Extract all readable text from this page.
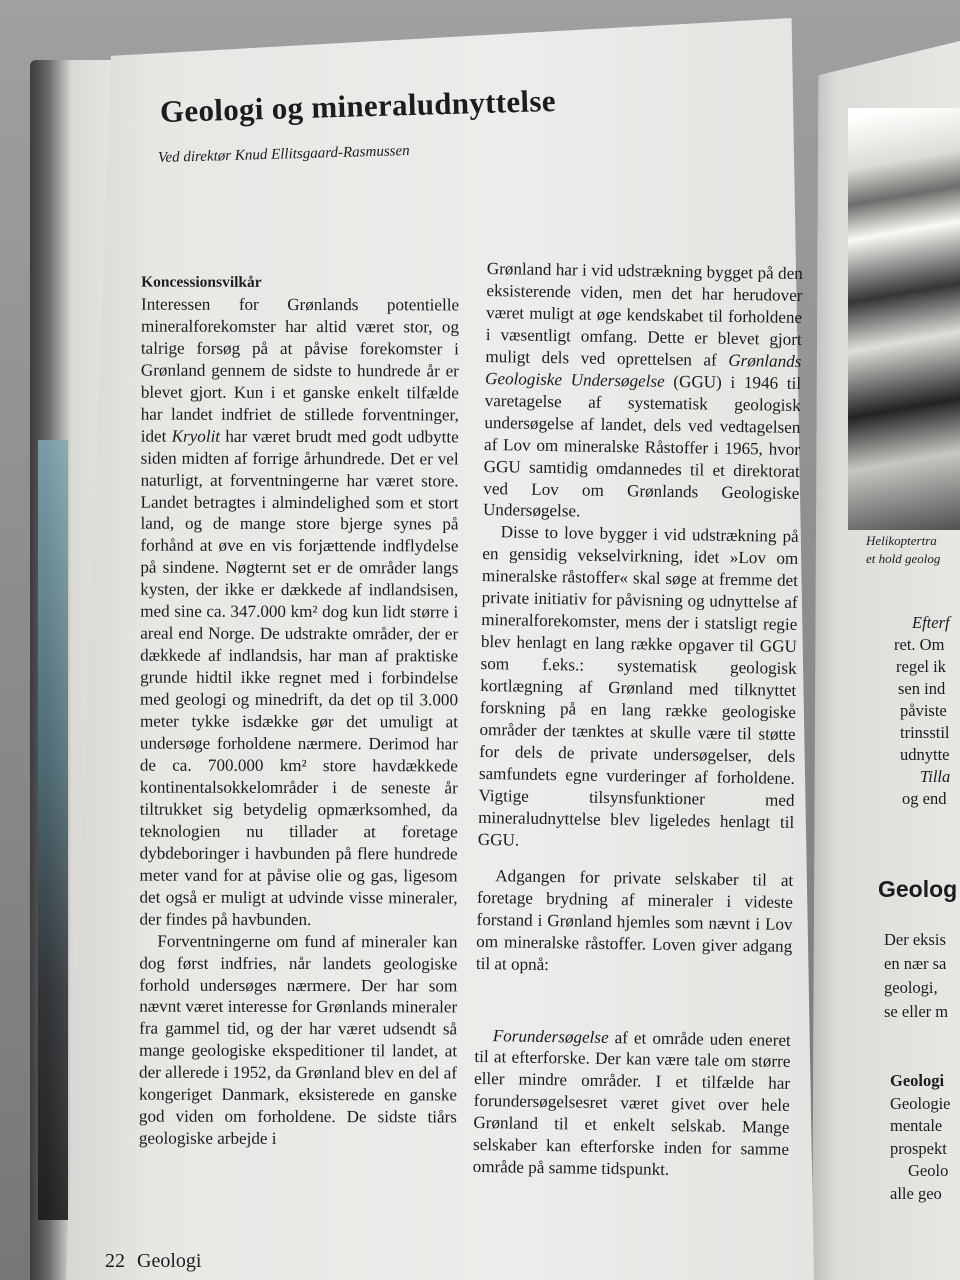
Geologi og mineraludnyttelse

Ved direktør Knud Ellitsgaard-Rasmussen

Koncessionsvilkår

Interessen for Grønlands potentielle mineralforekomster har altid været stor, og talrige forsøg på at påvise forekomster i Grønland gennem de sidste to hundrede år er blevet gjort. Kun i et ganske enkelt tilfælde har landet indfriet de stillede forventninger, idet Kryolit har været brudt med godt udbytte siden midten af forrige århundrede. Det er vel naturligt, at forventningerne har været store. Landet betragtes i almindelighed som et stort land, og de mange store bjerge synes på forhånd at øve en vis forjættende indflydelse på sindene. Nøgternt set er de områder langs kysten, der ikke er dækkede af indlandsisen, med sine ca. 347.000 km² dog kun lidt større i areal end Norge. De udstrakte områder, der er dækkede af indlandsis, har man af praktiske grunde hidtil ikke regnet med i forbindelse med geologi og minedrift, da det op til 3.000 meter tykke isdække gør det umuligt at undersøge forholdene nærmere. Derimod har de ca. 700.000 km² store havdækkede kontinentalsokkelområder i de seneste år tiltrukket sig betydelig opmærksomhed, da teknologien nu tillader at foretage dybdeboringer i havbunden på flere hundrede meter vand for at påvise olie og gas, ligesom det også er muligt at udvinde visse mineraler, der findes på havbunden.

Forventningerne om fund af mineraler kan dog først indfries, når landets geologiske forhold undersøges nærmere. Der har som nævnt været interesse for Grønlands mineraler fra gammel tid, og der har været udsendt så mange geologiske ekspeditioner til landet, at der allerede i 1952, da Grønland blev en del af kongeriget Danmark, eksisterede en ganske god viden om forholdene. De sidste tiårs geologiske arbejde i

Grønland har i vid udstrækning bygget på den eksisterende viden, men det har herudover været muligt at øge kendskabet til forholdene i væsentligt omfang. Dette er blevet gjort muligt dels ved oprettelsen af Grønlands Geologiske Undersøgelse (GGU) i 1946 til varetagelse af systematisk geologisk undersøgelse af landet, dels ved vedtagelsen af Lov om mineralske Råstoffer i 1965, hvor GGU samtidig omdannedes til et direktorat ved Lov om Grønlands Geologiske Undersøgelse.

Disse to love bygger i vid udstrækning på en gensidig vekselvirkning, idet »Lov om mineralske råstoffer« skal søge at fremme det private initiativ for påvisning og udnyttelse af mineralforekomster, mens der i statsligt regie blev henlagt en lang række opgaver til GGU som f.eks.: systematisk geologisk kortlægning af Grønland med tilknyttet forskning på en lang række geologiske områder der tænktes at skulle være til støtte for dels de private undersøgelser, dels samfundets egne vurderinger af forholdene. Vigtige tilsynsfunktioner med mineraludnyttelse blev ligeledes henlagt til GGU.

Adgangen for private selskaber til at foretage brydning af mineraler i videste forstand i Grønland hjemles som nævnt i Lov om mineralske råstoffer. Loven giver adgang til at opnå:

Forundersøgelse af et område uden eneret til at efterforske. Der kan være tale om større eller mindre områder. I et tilfælde har forundersøgelsesret været givet over hele Grønland til et enkelt selskab. Mange selskaber kan efterforske inden for samme område på samme tidspunkt.

22 Geologi
Helikoptertra
et hold geolog
Efterf
ret. Om
regel ik
sen ind
påviste
trinsstil
udnytte
Tilla
og end
Geolog
Der eksis
en nær sa
geologi,
se eller m
Geologi
Geologie
mentale
prospekt
Geolo
alle geo
